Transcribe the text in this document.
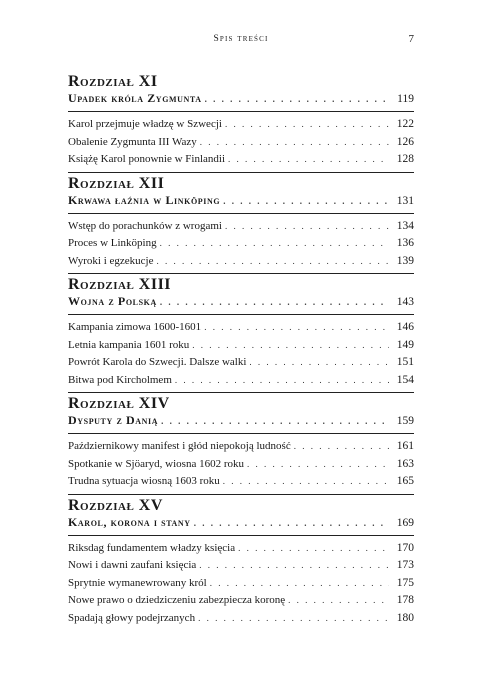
Spis treści	7
Rozdział XI
Upadek króla Zygmunta . . .	119
Karol przejmuje władzę w Szwecji . . .	122
Obalenie Zygmunta III Wazy . . .	126
Książę Karol ponownie w Finlandii . . .	128
Rozdział XII
Krwawa łaźnia w Linköping . . .	131
Wstęp do porachunków z wrogami . . .	134
Proces w Linköping . . .	136
Wyroki i egzekucje . . .	139
Rozdział XIII
Wojna z Polską . . .	143
Kampania zimowa 1600-1601 . . .	146
Letnia kampania 1601 roku . . .	149
Powrót Karola do Szwecji. Dalsze walki . . .	151
Bitwa pod Kircholmem . . .	154
Rozdział XIV
Dysputy z Danią . . .	159
Październikowy manifest i głód niepokoją ludność . . .	161
Spotkanie w Sjöaryd, wiosna 1602 roku . . .	163
Trudna sytuacja wiosną 1603 roku . . .	165
Rozdział XV
Karol, korona i stany . . .	169
Riksdag fundamentem władzy księcia . . .	170
Nowi i dawni zaufani księcia . . .	173
Sprytnie wymanewrowany król . . .	175
Nowe prawo o dziedziczeniu zabezpiecza koronę . . .	178
Spadają głowy podejrzanych . . .	180
